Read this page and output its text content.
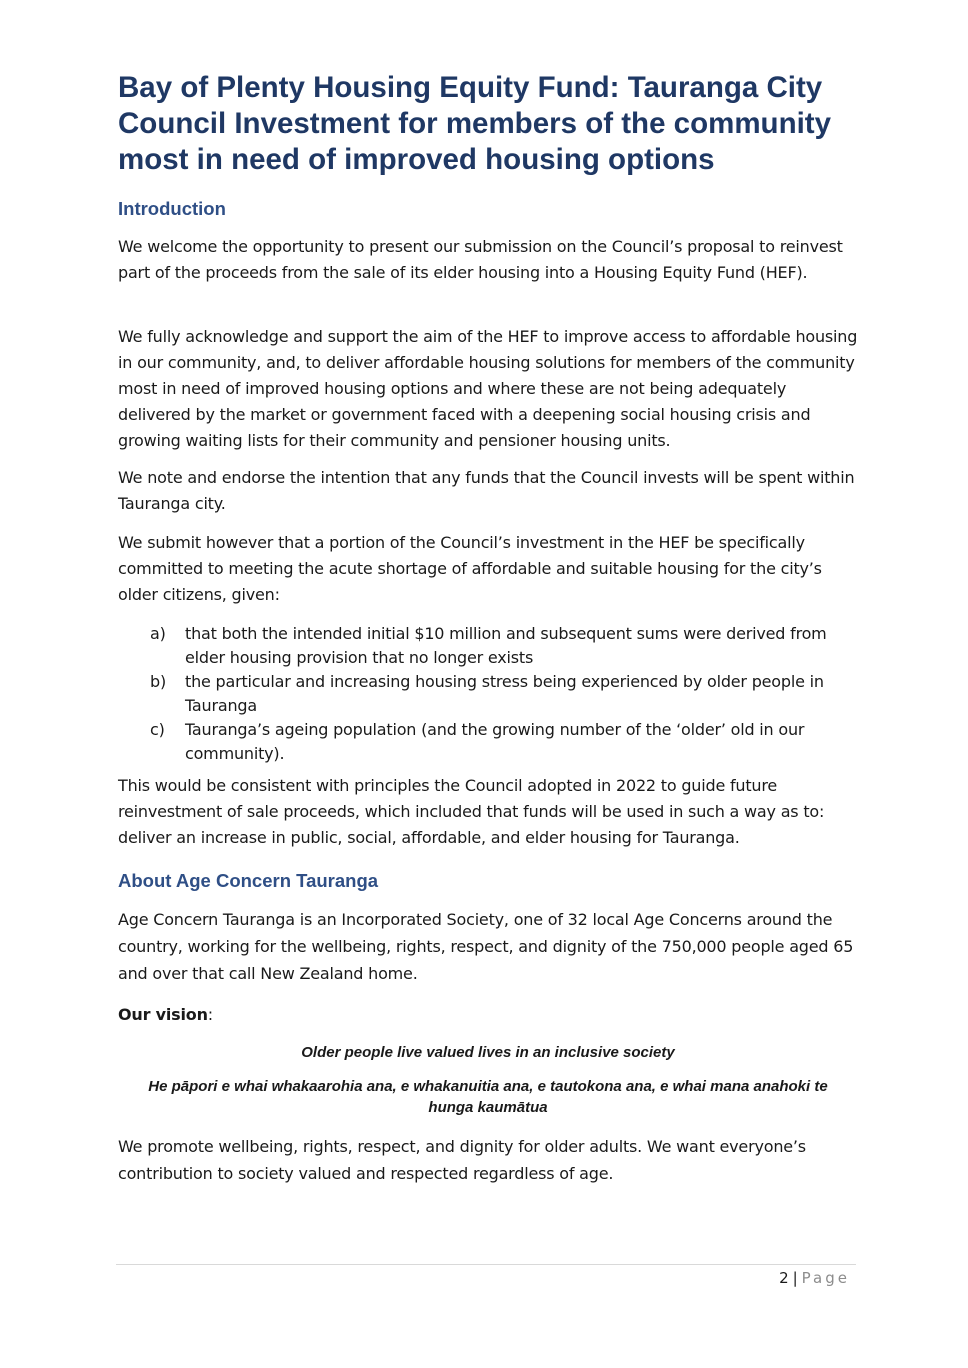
Bay of Plenty Housing Equity Fund: Tauranga City Council Investment for members of the community most in need of improved housing options
Introduction

We welcome the opportunity to present our submission on the Council’s proposal to reinvest part of the proceeds from the sale of its elder housing into a Housing Equity Fund (HEF).

We fully acknowledge and support the aim of the HEF to improve access to affordable housing in our community, and, to deliver affordable housing solutions for members of the community most in need of improved housing options and where these are not being adequately delivered by the market or government faced with a deepening social housing crisis and growing waiting lists for their community and pensioner housing units.

We note and endorse the intention that any funds that the Council invests will be spent within Tauranga city.

We submit however that a portion of the Council’s investment in the HEF be specifically committed to meeting the acute shortage of affordable and suitable housing for the city’s older citizens, given:

a)	that both the intended initial $10 million and subsequent sums were derived from elder housing provision that no longer exists
b)	the particular and increasing housing stress being experienced by older people in Tauranga
c)	Tauranga’s ageing population (and the growing number of the ‘older’ old in our community).

This would be consistent with principles the Council adopted in 2022 to guide future reinvestment of sale proceeds, which included that funds will be used in such a way as to: deliver an increase in public, social, affordable, and elder housing for Tauranga.

About Age Concern Tauranga

Age Concern Tauranga is an Incorporated Society, one of 32 local Age Concerns around the country, working for the wellbeing, rights, respect, and dignity of the 750,000 people aged 65 and over that call New Zealand home.

Our vision:

Older people live valued lives in an inclusive society

He pāpori e whai whakaarohia ana, e whakanuitia ana, e tautokona ana, e whai mana anahoki te hunga kaumātua

We promote wellbeing, rights, respect, and dignity for older adults. We want everyone’s contribution to society valued and respected regardless of age.

2 | Page
